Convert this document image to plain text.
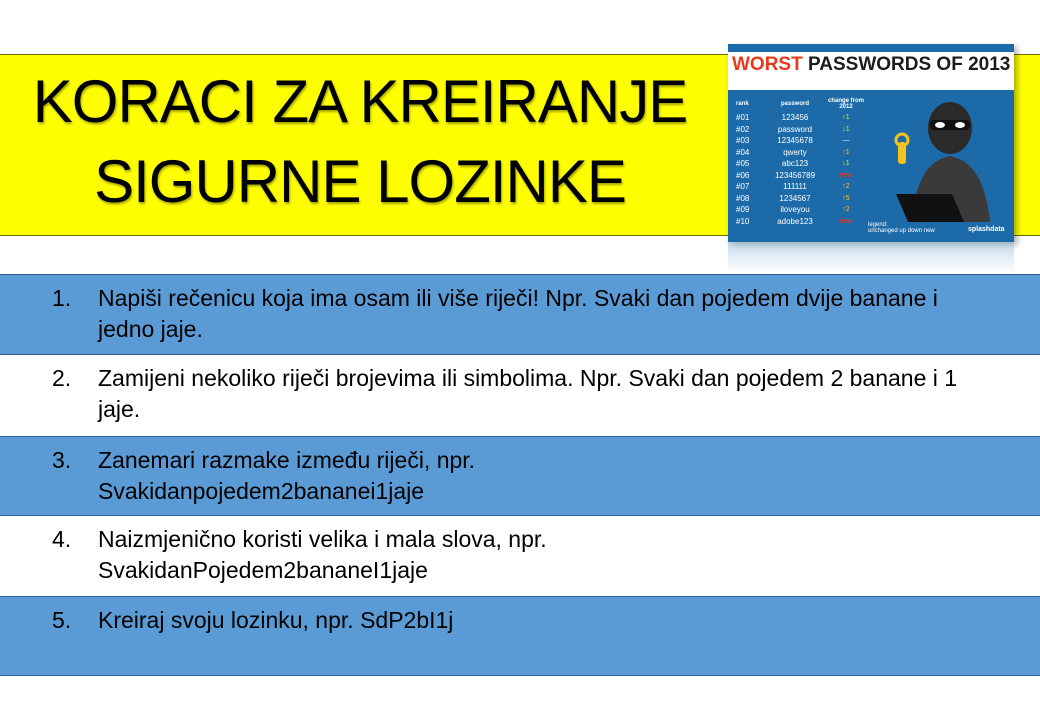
KORACI ZA KREIRANJE
SIGURNE LOZINKE
WORST PASSWORDS OF 2013
rank	password	change from 2012
#01	123456	↑1
#02	password	↓1
#03	12345678	—
#04	qwerty	↑1
#05	abc123	↓1
#06	123456789	new
#07	111111	↑2
#08	1234567	↑5
#09	iloveyou	↑2
#10	adobe123	new
legend:
unchanged up down new	splashdata
1. Napiši rečenicu koja ima osam ili više riječi! Npr. Svaki dan pojedem dvije banane i jedno jaje.
2. Zamijeni nekoliko riječi brojevima ili simbolima. Npr. Svaki dan pojedem 2 banane i 1 jaje.
3. Zanemari razmake između riječi, npr. Svakidanpojedem2bananei1jaje
4. Naizmjenično koristi velika i mala slova, npr. SvakidanPojedem2bananeI1jaje
5. Kreiraj svoju lozinku, npr. SdP2bI1j
